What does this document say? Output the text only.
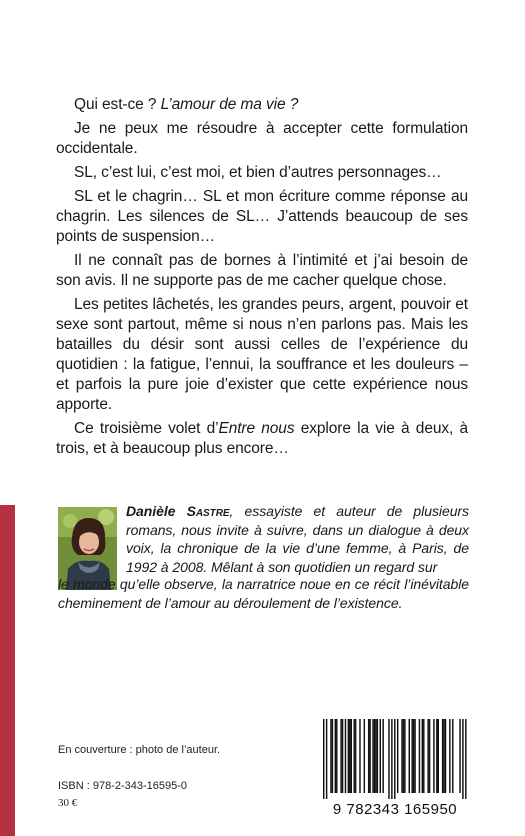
Qui est-ce ? L’amour de ma vie ?

Je ne peux me résoudre à accepter cette formulation occidentale.

SL, c’est lui, c’est moi, et bien d’autres personnages…

SL et le chagrin… SL et mon écriture comme réponse au chagrin. Les silences de SL… J’attends beaucoup de ses points de suspension…

Il ne connaît pas de bornes à l’intimité et j’ai besoin de son avis. Il ne supporte pas de me cacher quelque chose.

Les petites lâchetés, les grandes peurs, argent, pouvoir et sexe sont partout, même si nous n’en parlons pas. Mais les batailles du désir sont aussi celles de l’expérience du quotidien : la fatigue, l’ennui, la souffrance et les douleurs – et parfois la pure joie d’exister que cette expérience nous apporte.

Ce troisième volet d’Entre nous explore la vie à deux, à trois, et à beaucoup plus encore…

Danièle Sastre, essayiste et auteur de plusieurs romans, nous invite à suivre, dans un dialogue à deux voix, la chronique de la vie d’une femme, à Paris, de 1992 à 2008. Mêlant à son quotidien un regard sur
le monde qu’elle observe, la narratrice noue en ce récit l’inévitable cheminement de l’amour au déroulement de l’existence.
En couverture : photo de l’auteur.
ISBN : 978-2-343-16595-0
30 €	9 782343 165950
